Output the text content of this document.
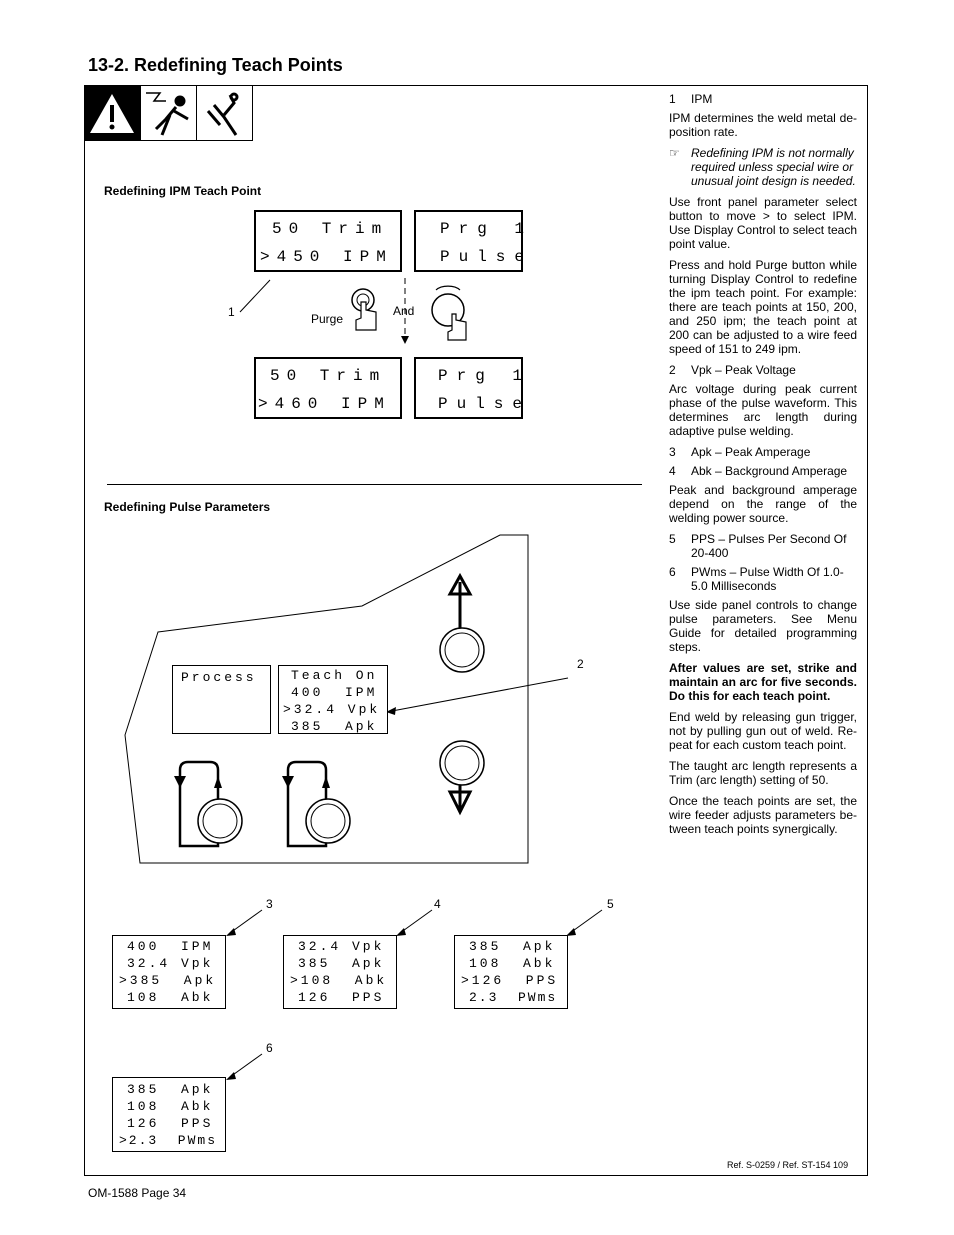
13-2. Redefining Teach Points
Redefining IPM Teach Point
50 Trim
>450 IPM
Prg 1
Pulse
1	Purge
And
50 Trim
>460 IPM
Prg 1
Pulse
Redefining Pulse Parameters
Process	Teach On
400  IPM
>32.4 Vpk
385  Apk
2
3	4	5
6
400  IPM
32.4 Vpk
>385  Apk
108  Abk
32.4 Vpk
385  Apk
>108  Abk
126  PPS
385  Apk
108  Abk
>126  PPS
2.3  PWms
385  Apk
108  Abk
126  PPS
>2.3  PWms
1	IPM

IPM determines the weld metal de-position rate.

☞ Redefining IPM is not normally required unless special wire or unusual joint design is needed.

Use front panel parameter select button to move > to select IPM. Use Display Control to select teach point value.

Press and hold Purge button while turning Display Control to redefine the ipm teach point. For example: there are teach points at 150, 200, and 250 ipm; the teach point at 200 can be adjusted to a wire feed speed of 151 to 249 ipm.

2	Vpk – Peak Voltage

Arc voltage during peak current phase of the pulse waveform. This determines arc length during adaptive pulse welding.

3	Apk – Peak Amperage
4	Abk – Background Amperage

Peak and background amperage depend on the range of the welding power source.

5	PPS – Pulses Per Second Of 20-400
6	PWms – Pulse Width Of 1.0-5.0 Milliseconds

Use side panel controls to change pulse parameters. See Menu Guide for detailed programming steps.

After values are set, strike and maintain an arc for five seconds. Do this for each teach point.

End weld by releasing gun trigger, not by pulling gun out of weld. Re-peat for each custom teach point.

The taught arc length represents a Trim (arc length) setting of 50.

Once the teach points are set, the wire feeder adjusts parameters be-tween teach points synergically.

Ref. S-0259 / Ref. ST-154 109
OM-1588 Page 34
